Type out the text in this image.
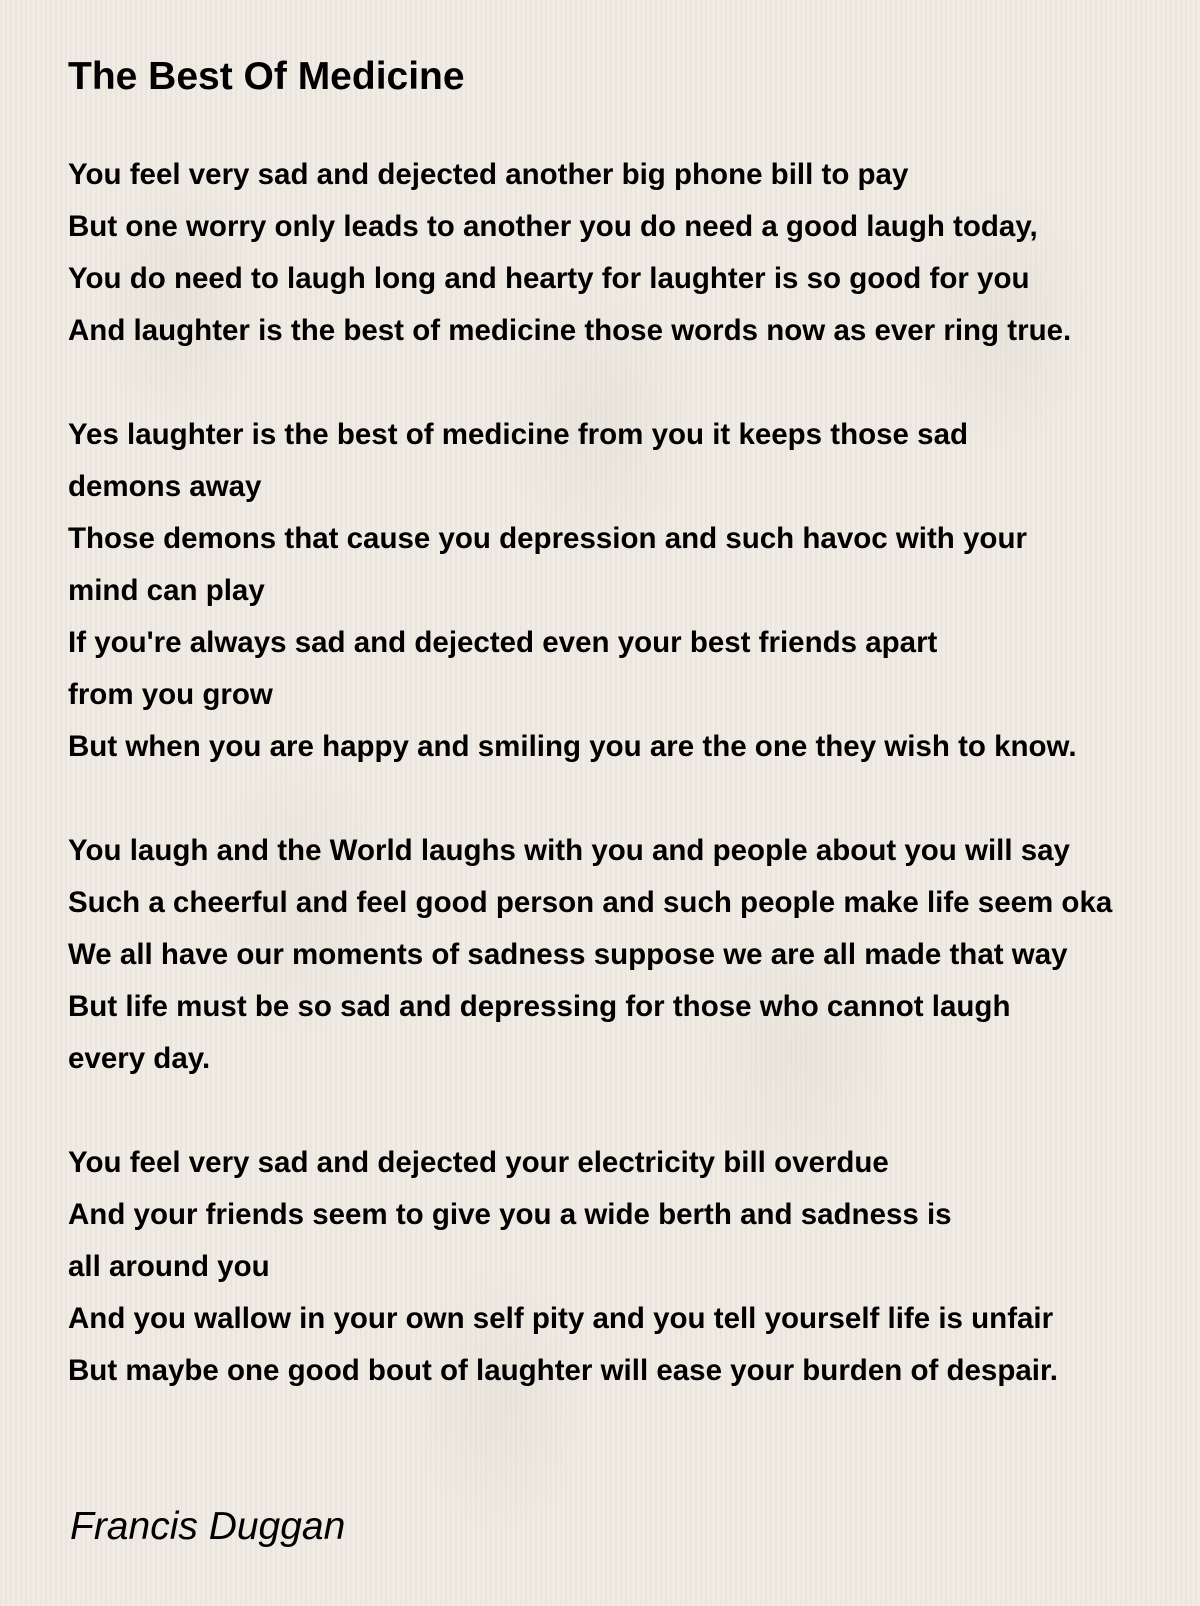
The Best Of Medicine
You feel very sad and dejected another big phone bill to pay
But one worry only leads to another you do need a good laugh today,
You do need to laugh long and hearty for laughter is so good for you
And laughter is the best of medicine those words now as ever ring true.
Yes laughter is the best of medicine from you it keeps those sad
demons away
Those demons that cause you depression and such havoc with your
mind can play
If you're always sad and dejected even your best friends apart
from you grow
But when you are happy and smiling you are the one they wish to know.
You laugh and the World laughs with you and people about you will say
Such a cheerful and feel good person and such people make life seem oka
We all have our moments of sadness suppose we are all made that way
But life must be so sad and depressing for those who cannot laugh
every day.
You feel very sad and dejected your electricity bill overdue
And your friends seem to give you a wide berth and sadness is
all around you
And you wallow in your own self pity and you tell yourself life is unfair
But maybe one good bout of laughter will ease your burden of despair.
Francis Duggan
